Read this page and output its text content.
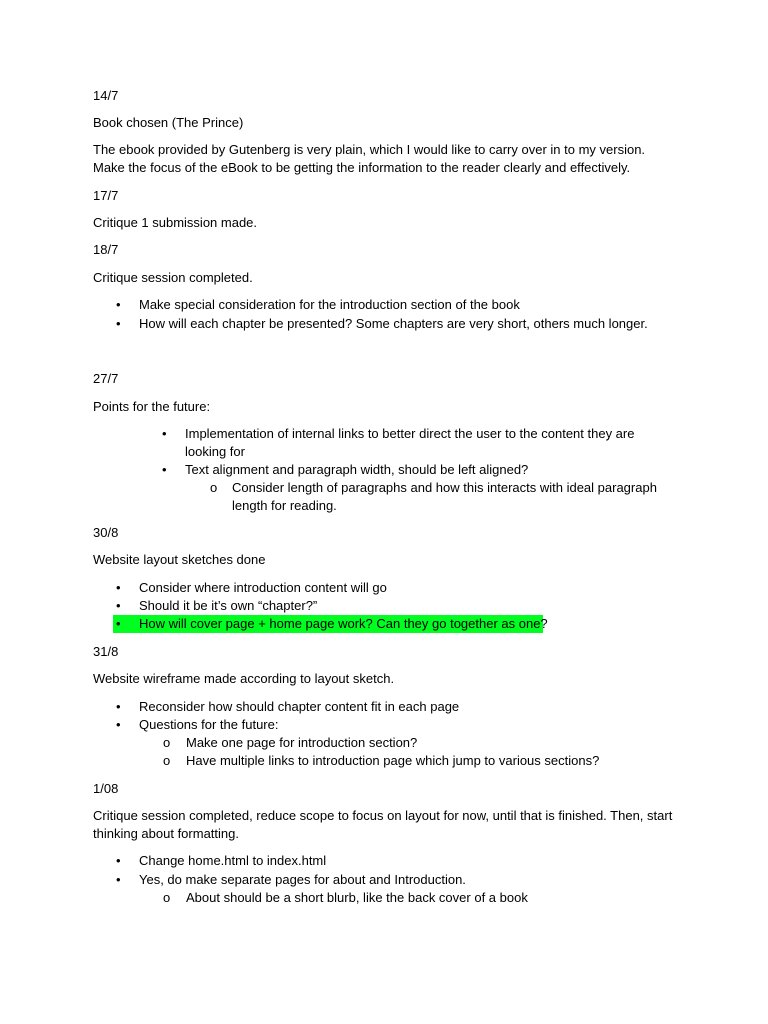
14/7
Book chosen (The Prince)
The ebook provided by Gutenberg is very plain, which I would like to carry over in to my version.
Make the focus of the eBook to be getting the information to the reader clearly and effectively.
17/7
Critique 1 submission made.
18/7
Critique session completed.
•
Make special consideration for the introduction section of the book
•
How will each chapter be presented? Some chapters are very short, others much longer.
27/7
Points for the future:
•
Implementation of internal links to better direct the user to the content they are looking for
•
Text alignment and paragraph width, should be left aligned?
o
Consider length of paragraphs and how this interacts with ideal paragraph length for reading.
30/8
Website layout sketches done
•
Consider where introduction content will go
•
Should it be it’s own “chapter?”
•
How will cover page + home page work? Can they go together as one?
31/8
Website wireframe made according to layout sketch.
•
Reconsider how should chapter content fit in each page
•
Questions for the future:
o
Make one page for introduction section?
o
Have multiple links to introduction page which jump to various sections?
1/08
Critique session completed, reduce scope to focus on layout for now, until that is finished. Then, start
thinking about formatting.
•
Change home.html to index.html
•
Yes, do make separate pages for about and Introduction.
o
About should be a short blurb, like the back cover of a book
